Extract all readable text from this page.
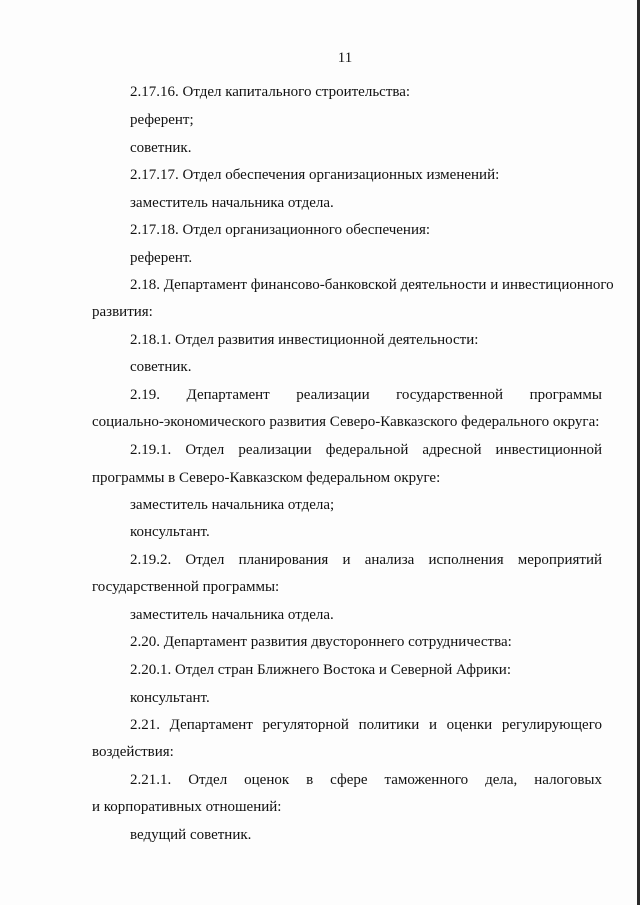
11
2.17.16. Отдел капитального строительства:
референт;
советник.
2.17.17. Отдел обеспечения организационных изменений:
заместитель начальника отдела.
2.17.18. Отдел организационного обеспечения:
референт.
2.18. Департамент финансово-банковской деятельности и инвестиционного
развития:
2.18.1. Отдел развития инвестиционной деятельности:
советник.
2.19. Департамент реализации государственной программы
социально-экономического развития Северо-Кавказского федерального округа:
2.19.1. Отдел реализации федеральной адресной инвестиционной
программы в Северо-Кавказском федеральном округе:
заместитель начальника отдела;
консультант.
2.19.2. Отдел планирования и анализа исполнения мероприятий
государственной программы:
заместитель начальника отдела.
2.20. Департамент развития двустороннего сотрудничества:
2.20.1. Отдел стран Ближнего Востока и Северной Африки:
консультант.
2.21. Департамент регуляторной политики и оценки регулирующего
воздействия:
2.21.1. Отдел оценок в сфере таможенного дела, налоговых
и корпоративных отношений:
ведущий советник.
